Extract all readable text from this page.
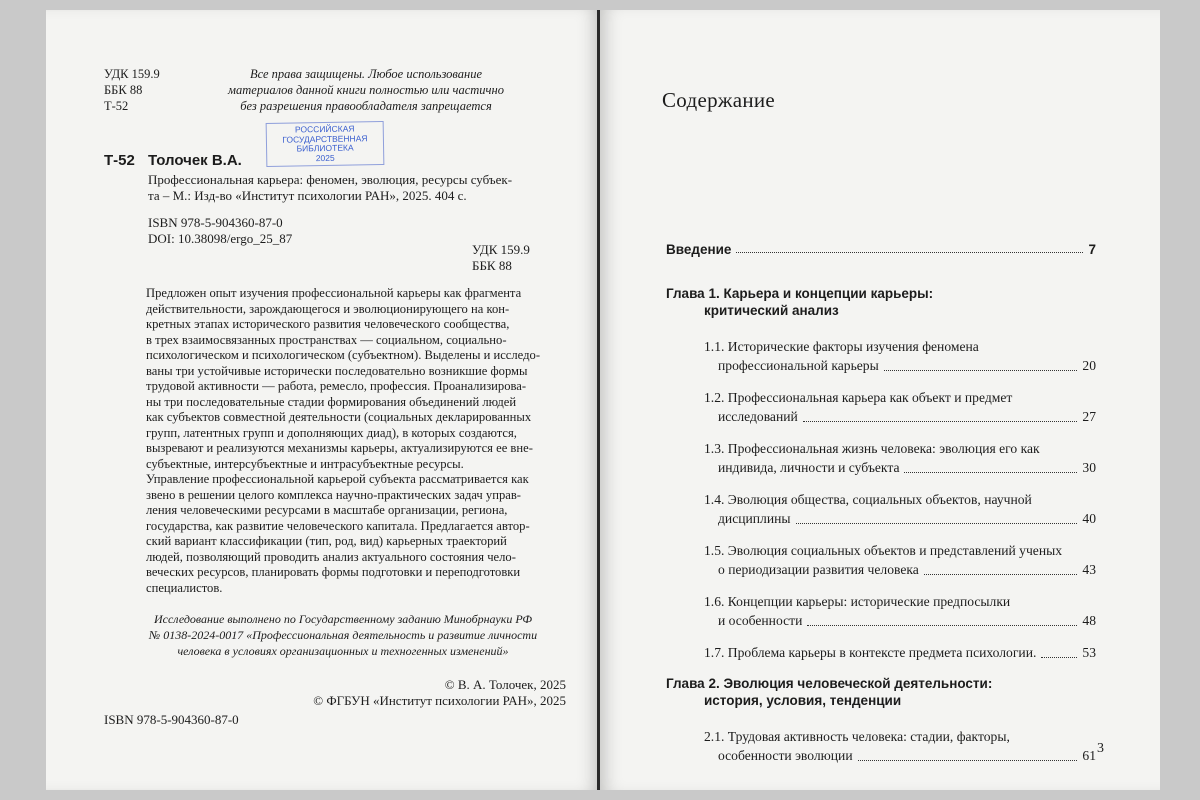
УДК 159.9
ББК 88
Т-52
Все права защищены. Любое использование
материалов данной книги полностью или частично
без разрешения правообладателя запрещается
РОССИЙСКАЯ
ГОСУДАРСТВЕННАЯ
БИБЛИОТЕКА
2025
Т-52 Толочек В.А.
Профессиональная карьера: феномен, эволюция, ресурсы субъек-
та – М.: Изд-во «Институт психологии РАН», 2025. 404 с.
ISBN 978-5-904360-87-0
DOI: 10.38098/ergo_25_87
УДК 159.9
ББК 88

Предложен опыт изучения профессиональной карьеры как фрагмента

действительности, зарождающегося и эволюционирующего на кон-

кретных этапах исторического развития человеческого сообщества,

в трех взаимосвязанных пространствах — социальном, социально-

психологическом и психологическом (субъектном). Выделены и исследо-

ваны три устойчивые исторически последовательно возникшие формы

трудовой активности — работа, ремесло, профессия. Проанализирова-

ны три последовательные стадии формирования объединений людей

как субъектов совместной деятельности (социальных декларированных

групп, латентных групп и дополняющих диад), в которых создаются,

вызревают и реализуются механизмы карьеры, актуализируются ее вне-

субъектные, интерсубъектные и интрасубъектные ресурсы.

Управление профессиональной карьерой субъекта рассматривается как

звено в решении целого комплекса научно-практических задач управ-

ления человеческими ресурсами в масштабе организации, региона,

государства, как развитие человеческого капитала. Предлагается автор-

ский вариант классификации (тип, род, вид) карьерных траекторий

людей, позволяющий проводить анализ актуального состояния чело-

веческих ресурсов, планировать формы подготовки и переподготовки

специалистов.

Исследование выполнено по Государственному заданию Минобрнауки РФ
№ 0138-2024-0017 «Профессиональная деятельность и развитие личности
человека в условиях организационных и техногенных изменений»
© В. А. Толочек, 2025
© ФГБУН «Институт психологии РАН», 2025
ISBN 978-5-904360-87-0
Содержание
Введение	7
Глава 1. Карьера и концепции карьеры:
критический анализ
1.1. Исторические факторы изучения феномена
профессиональной карьеры	20
1.2. Профессиональная карьера как объект и предмет
исследований	27
1.3. Профессиональная жизнь человека: эволюция его как
индивида, личности и субъекта	30
1.4. Эволюция общества, социальных объектов, научной
дисциплины	40
1.5. Эволюция социальных объектов и представлений ученых
о периодизации развития человека	43
1.6. Концепции карьеры: исторические предпосылки
и особенности	48
1.7. Проблема карьеры в контексте предмета психологии.	53
Глава 2. Эволюция человеческой деятельности:
история, условия, тенденции
2.1. Трудовая активность человека: стадии, факторы,
особенности эволюции	61 3
